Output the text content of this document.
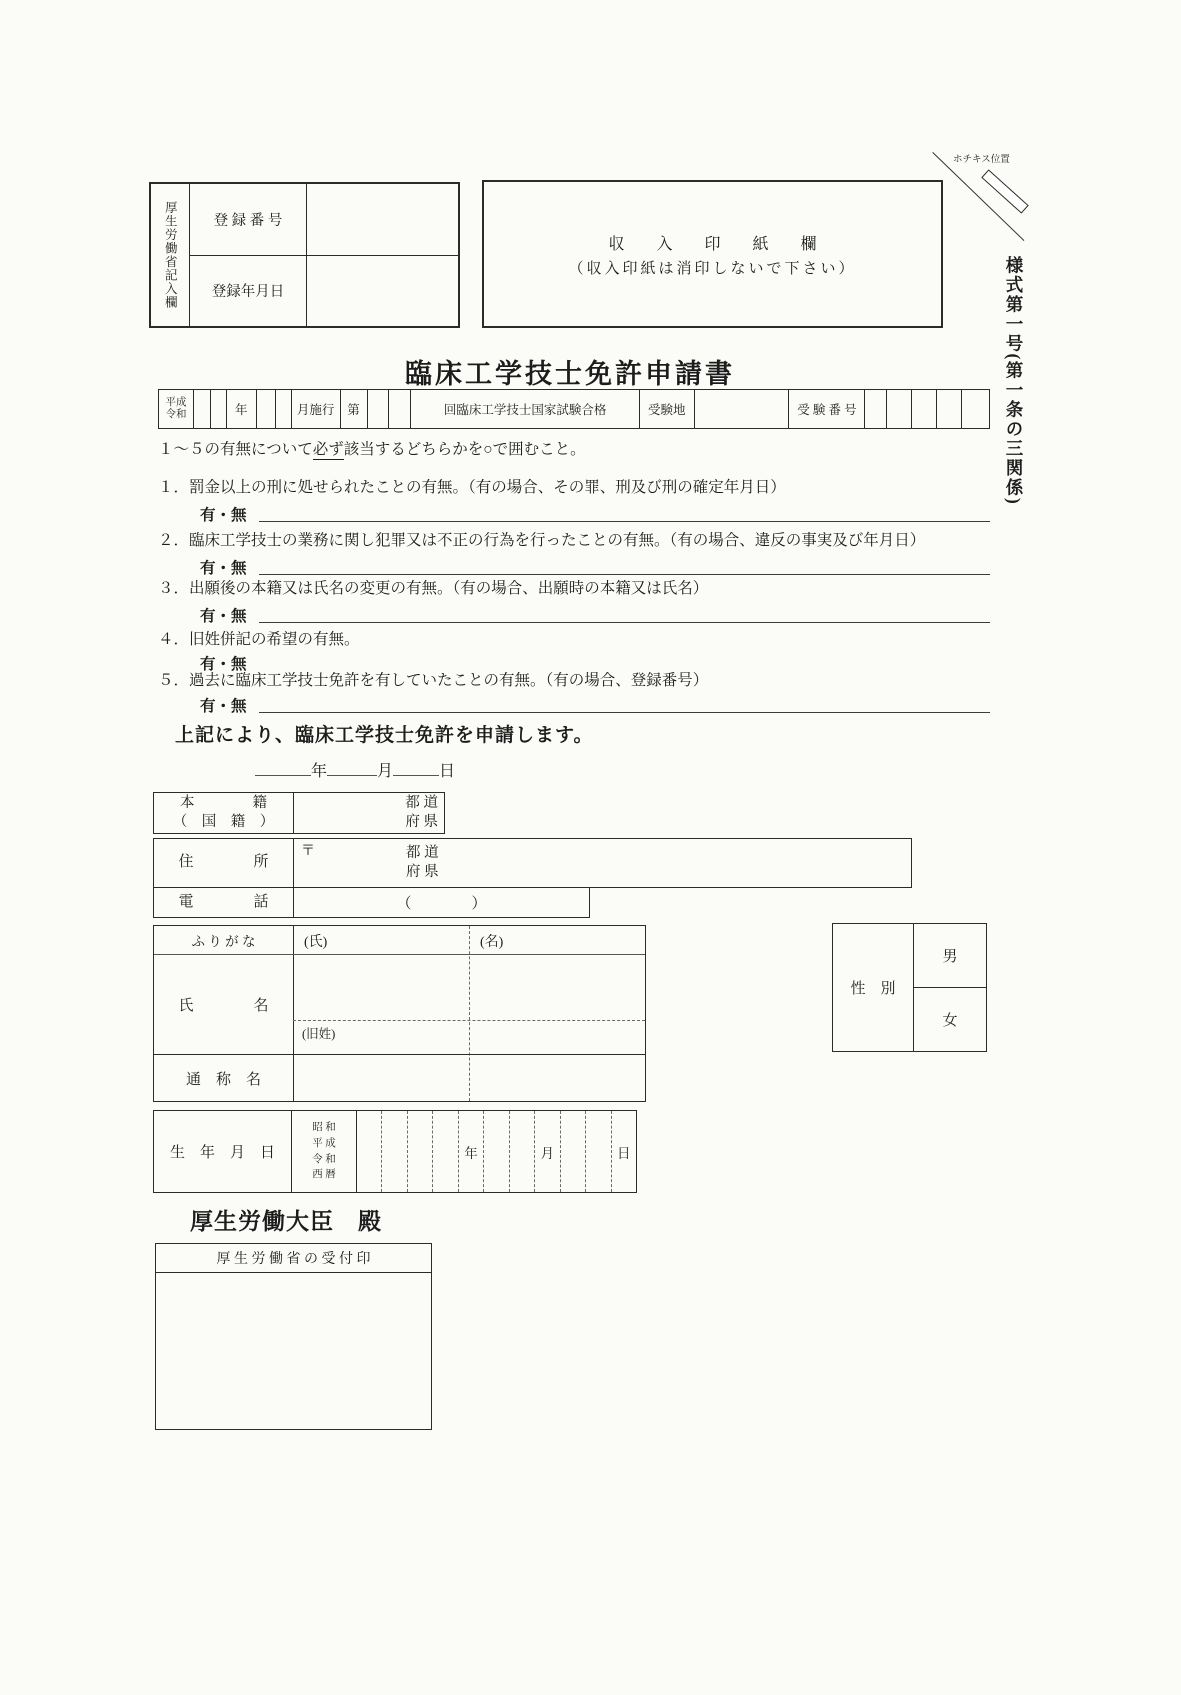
厚生労働省記入欄	登 録 番 号
登録年月日
収　　入　　印　　紙　　欄
（収入印紙は消印しないで下さい）
ホチキス位置
様式第一号(第一条の三関係)
臨床工学技士免許申請書
平成
令和	年	月施行	第	回臨床工学技士国家試験合格	受験地	受 験 番 号
１〜５の有無について必ず該当するどちらかを○で囲むこと。
１．罰金以上の刑に処せられたことの有無。（有の場合、その罪、刑及び刑の確定年月日）
有・無
２．臨床工学技士の業務に関し犯罪又は不正の行為を行ったことの有無。（有の場合、違反の事実及び年月日）
有・無
３．出願後の本籍又は氏名の変更の有無。（有の場合、出願時の本籍又は氏名）
有・無
４．旧姓併記の希望の有無。
有・無
５．過去に臨床工学技士免許を有していたことの有無。（有の場合、登録番号）
有・無
上記により、臨床工学技士免許を申請します。
年	月	日
本　　　　籍
（　国　籍　）
都 道
府 県
住　　　　所
〒	都 道
府 県
電　　　　話	（　　　　）
ふ り が な	(氏)	(名)
氏　　　　名
(旧姓)
通　称　名
性　別
男
女
生　年　月　日
昭 和
平 成
令 和
西 暦
年	月	日
厚生労働大臣　殿
厚 生 労 働 省 の 受 付 印
